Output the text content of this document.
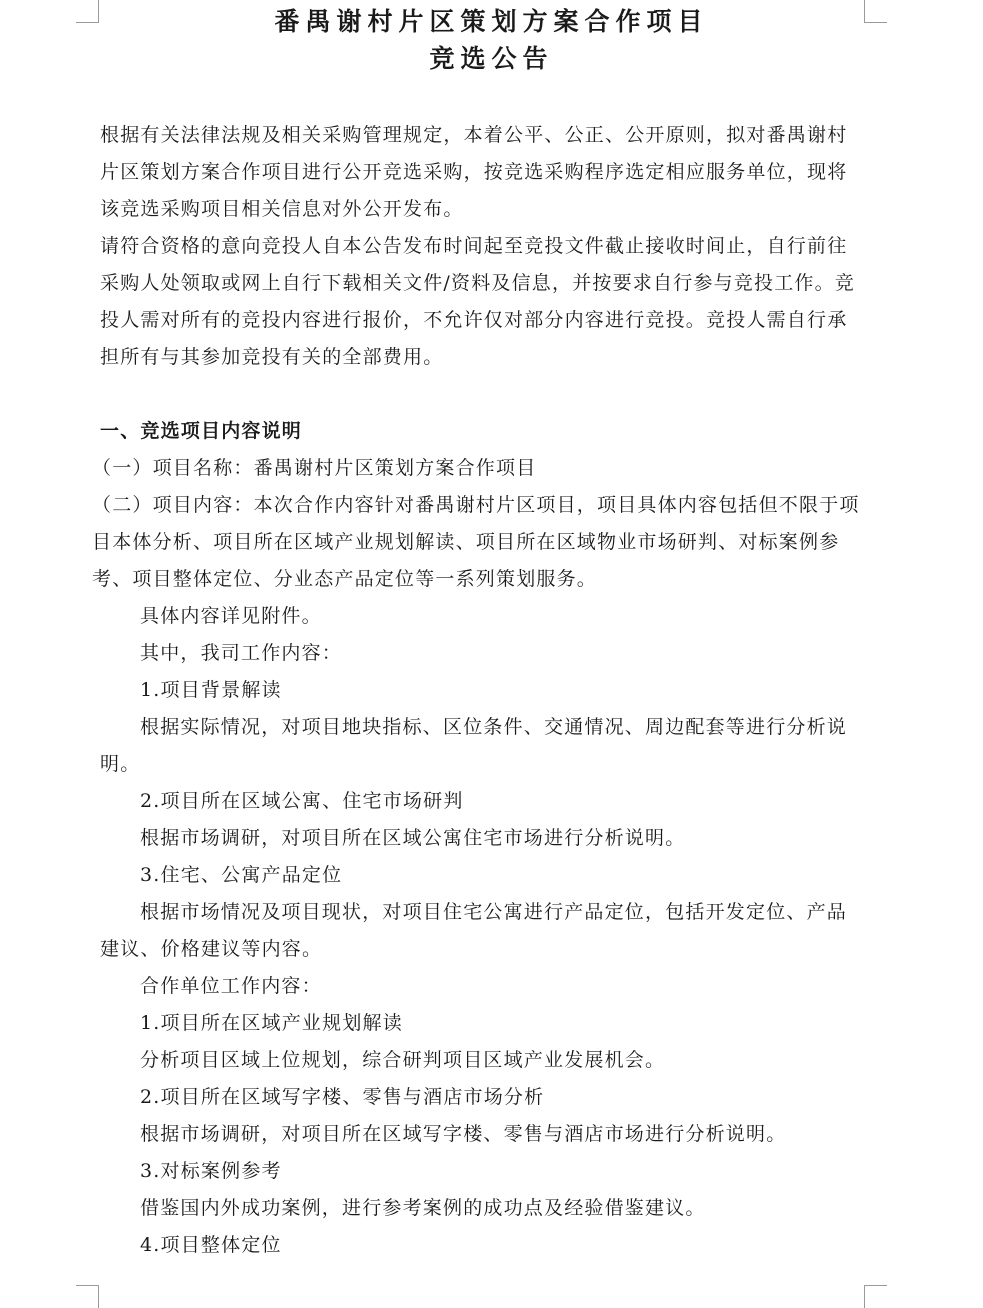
番禺谢村片区策划方案合作项目
竞选公告

根据有关法律法规及相关采购管理规定，本着公平、公正、公开原则，拟对番禺谢村片区策划方案合作项目进行公开竞选采购，按竞选采购程序选定相应服务单位，现将该竞选采购项目相关信息对外公开发布。

请符合资格的意向竞投人自本公告发布时间起至竞投文件截止接收时间止，自行前往采购人处领取或网上自行下载相关文件/资料及信息，并按要求自行参与竞投工作。竞投人需对所有的竞投内容进行报价，不允许仅对部分内容进行竞投。竞投人需自行承担所有与其参加竞投有关的全部费用。

一、竞选项目内容说明

（一）项目名称：番禺谢村片区策划方案合作项目

（二）项目内容：本次合作内容针对番禺谢村片区项目，项目具体内容包括但不限于项目本体分析、项目所在区域产业规划解读、项目所在区域物业市场研判、对标案例参考、项目整体定位、分业态产品定位等一系列策划服务。

具体内容详见附件。

其中，我司工作内容：

1.项目背景解读

根据实际情况，对项目地块指标、区位条件、交通情况、周边配套等进行分析说明。

2.项目所在区域公寓、住宅市场研判

根据市场调研，对项目所在区域公寓住宅市场进行分析说明。

3.住宅、公寓产品定位

根据市场情况及项目现状，对项目住宅公寓进行产品定位，包括开发定位、产品建议、价格建议等内容。

合作单位工作内容：

1.项目所在区域产业规划解读

分析项目区域上位规划，综合研判项目区域产业发展机会。

2.项目所在区域写字楼、零售与酒店市场分析

根据市场调研，对项目所在区域写字楼、零售与酒店市场进行分析说明。

3.对标案例参考

借鉴国内外成功案例，进行参考案例的成功点及经验借鉴建议。

4.项目整体定位
